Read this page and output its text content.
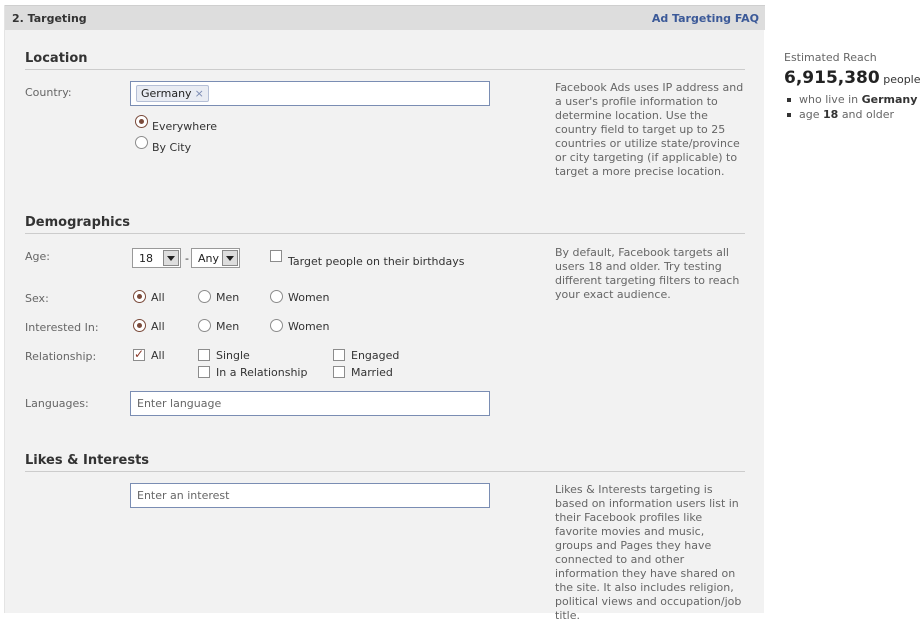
2. Targeting	Ad Targeting FAQ
Location
Country:	Germany ×
Everywhere
By City
Facebook Ads uses IP address and a user's profile information to determine location. Use the country field to target up to 25 countries or utilize state/province or city targeting (if applicable) to target a more precise location.
Demographics
Age:	18	- Any	Target people on their birthdays
Sex:	All	Men	Women
Interested In:	All	Men	Women
Relationship:
✓	All	Single	Engaged
In a Relationship	Married
Languages:
Enter language
By default, Facebook targets all users 18 and older. Try testing different targeting filters to reach your exact audience.
Likes & Interests
Enter an interest
Likes & Interests targeting is based on information users list in their Facebook profiles like favorite movies and music, groups and Pages they have connected to and other information they have shared on the site. It also includes religion, political views and occupation/job title.
Estimated Reach
6,915,380 people
who live in Germany
age 18 and older
